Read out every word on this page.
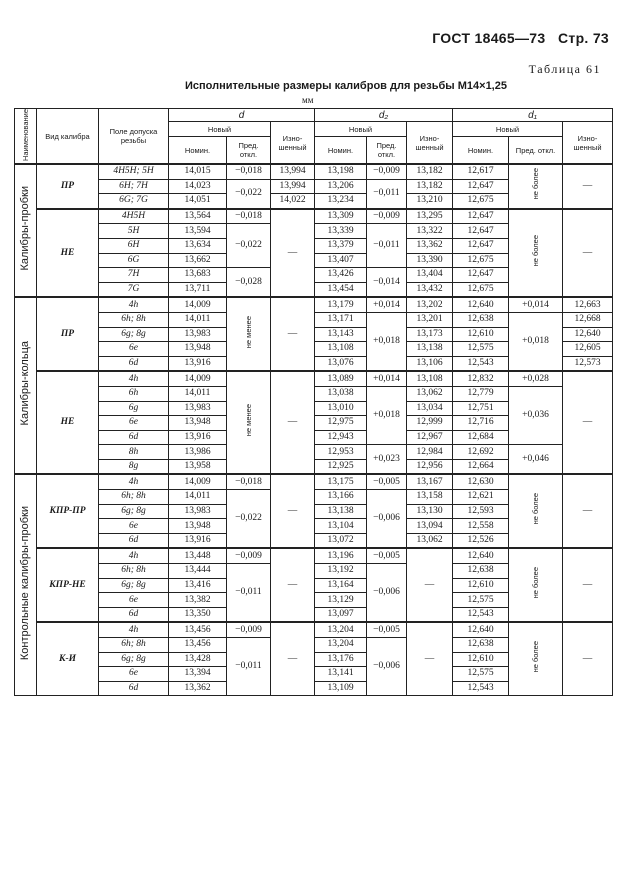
ГОСТ 18465—73 Стр. 73
Таблица 61
Исполнительные размеры калибров для резьбы М14×1,25
мм
Наименование	Вид калибра	Поле допуска резьбы	d			d₂			d₁		
			Новый		Изно-шенный	Новый		Изно-шенный	Новый		Изно-шенный
			Номин.	Пред. откл.		Номин.	Пред. откл.		Номин.	Пред. откл.	
Калибры-пробки	ПР	4H5H; 5H	14,015	−0,018	13,994	13,198	−0,009	13,182	12,617	не более	—
		6H; 7H	14,023	−0,022	13,994	13,206	−0,011	13,182	12,647		
		6G; 7G	14,051		14,022	13,234		13,210	12,675		
	НЕ	4H5H	13,564	−0,018	—	13,309	−0,009	13,295	12,647	не более	—
		5H	13,594	−0,022		13,339	−0,011	13,322	12,647		
		6H	13,634			13,379		13,362	12,647		
		6G	13,662			13,407		13,390	12,675		
		7H	13,683	−0,028		13,426	−0,014	13,404	12,647		
		7G	13,711			13,454		13,432	12,675		
Калибры-кольца	ПР	4h	14,009	не менее	—	13,179	+0,014	13,202	12,640	+0,014	12,663
		6h; 8h	14,011			13,171	+0,018	13,201	12,638	+0,018	12,668
		6g; 8g	13,983			13,143		13,173	12,610		12,640
		6e	13,948			13,108		13,138	12,575		12,605
		6d	13,916			13,076		13,106	12,543		12,573
	НЕ	4h	14,009	не менее	—	13,089	+0,014	13,108	12,832	+0,028	—
		6h	14,011			13,038	+0,018	13,062	12,779	+0,036	
		6g	13,983			13,010		13,034	12,751		
		6e	13,948			12,975		12,999	12,716		
		6d	13,916			12,943		12,967	12,684		
		8h	13,986			12,953	+0,023	12,984	12,692	+0,046	
		8g	13,958			12,925		12,956	12,664		
Контрольные калибры-пробки	КПР-ПР	4h	14,009	−0,018	—	13,175	−0,005	13,167	12,630	не более	—
		6h; 8h	14,011	−0,022		13,166	−0,006	13,158	12,621		
		6g; 8g	13,983			13,138		13,130	12,593		
		6e	13,948			13,104		13,094	12,558		
		6d	13,916			13,072		13,062	12,526		
	КПР-НЕ	4h	13,448	−0,009	—	13,196	−0,005	—	12,640	не более	—
		6h; 8h	13,444	−0,011		13,192	−0,006		12,638		
		6g; 8g	13,416			13,164			12,610		
		6e	13,382			13,129			12,575		
		6d	13,350			13,097			12,543		
	К-И	4h	13,456	−0,009	—	13,204	−0,005	—	12,640	не более	—
		6h; 8h	13,456	−0,011		13,204	−0,006		12,638		
		6g; 8g	13,428			13,176			12,610		
		6e	13,394			13,141			12,575		
		6d	13,362			13,109			12,543		
